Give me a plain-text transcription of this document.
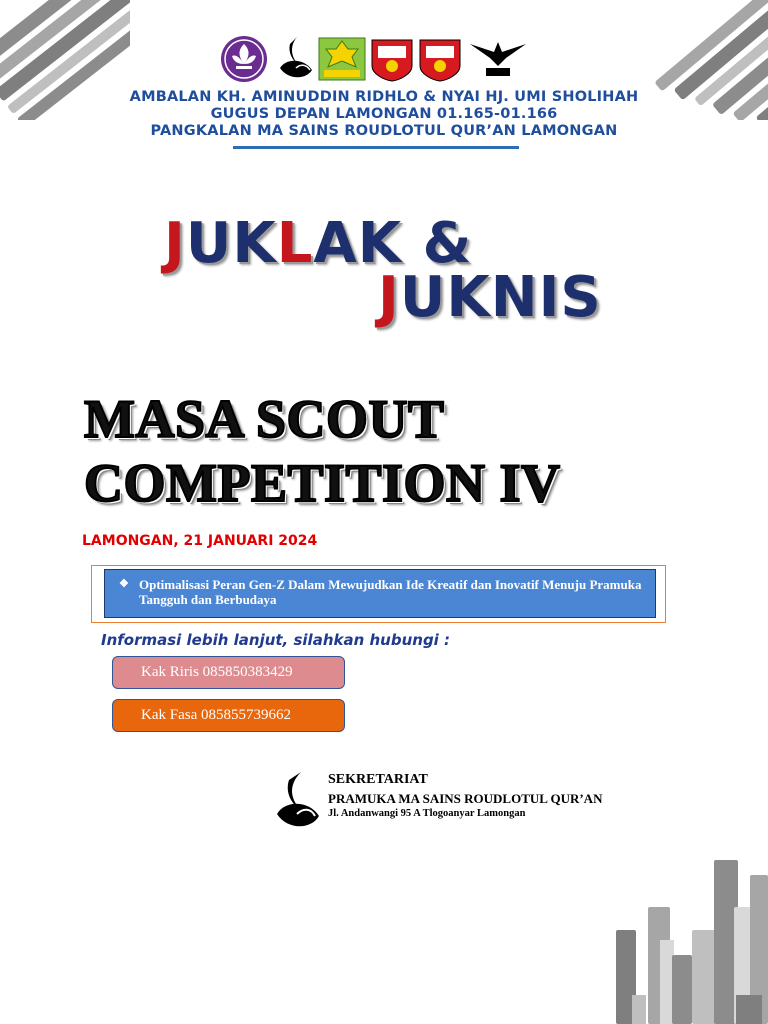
AMBALAN KH. AMINUDDIN RIDHLO & NYAI HJ. UMI SHOLIHAH
GUGUS DEPAN LAMONGAN 01.165-01.166
PANGKALAN MA SAINS ROUDLOTUL QUR’AN LAMONGAN
JUKLAK &
JUKNIS
MASA SCOUT
COMPETITION IV
LAMONGAN, 21 JANUARI 2024
❖ Optimalisasi Peran Gen-Z Dalam Mewujudkan Ide Kreatif dan Inovatif Menuju Pramuka Tangguh dan Berbudaya
Informasi lebih lanjut, silahkan hubungi :
Kak Riris 085850383429
Kak Fasa 085855739662
SEKRETARIAT
PRAMUKA MA SAINS ROUDLOTUL QUR’AN
Jl. Andanwangi 95 A Tlogoanyar Lamongan
